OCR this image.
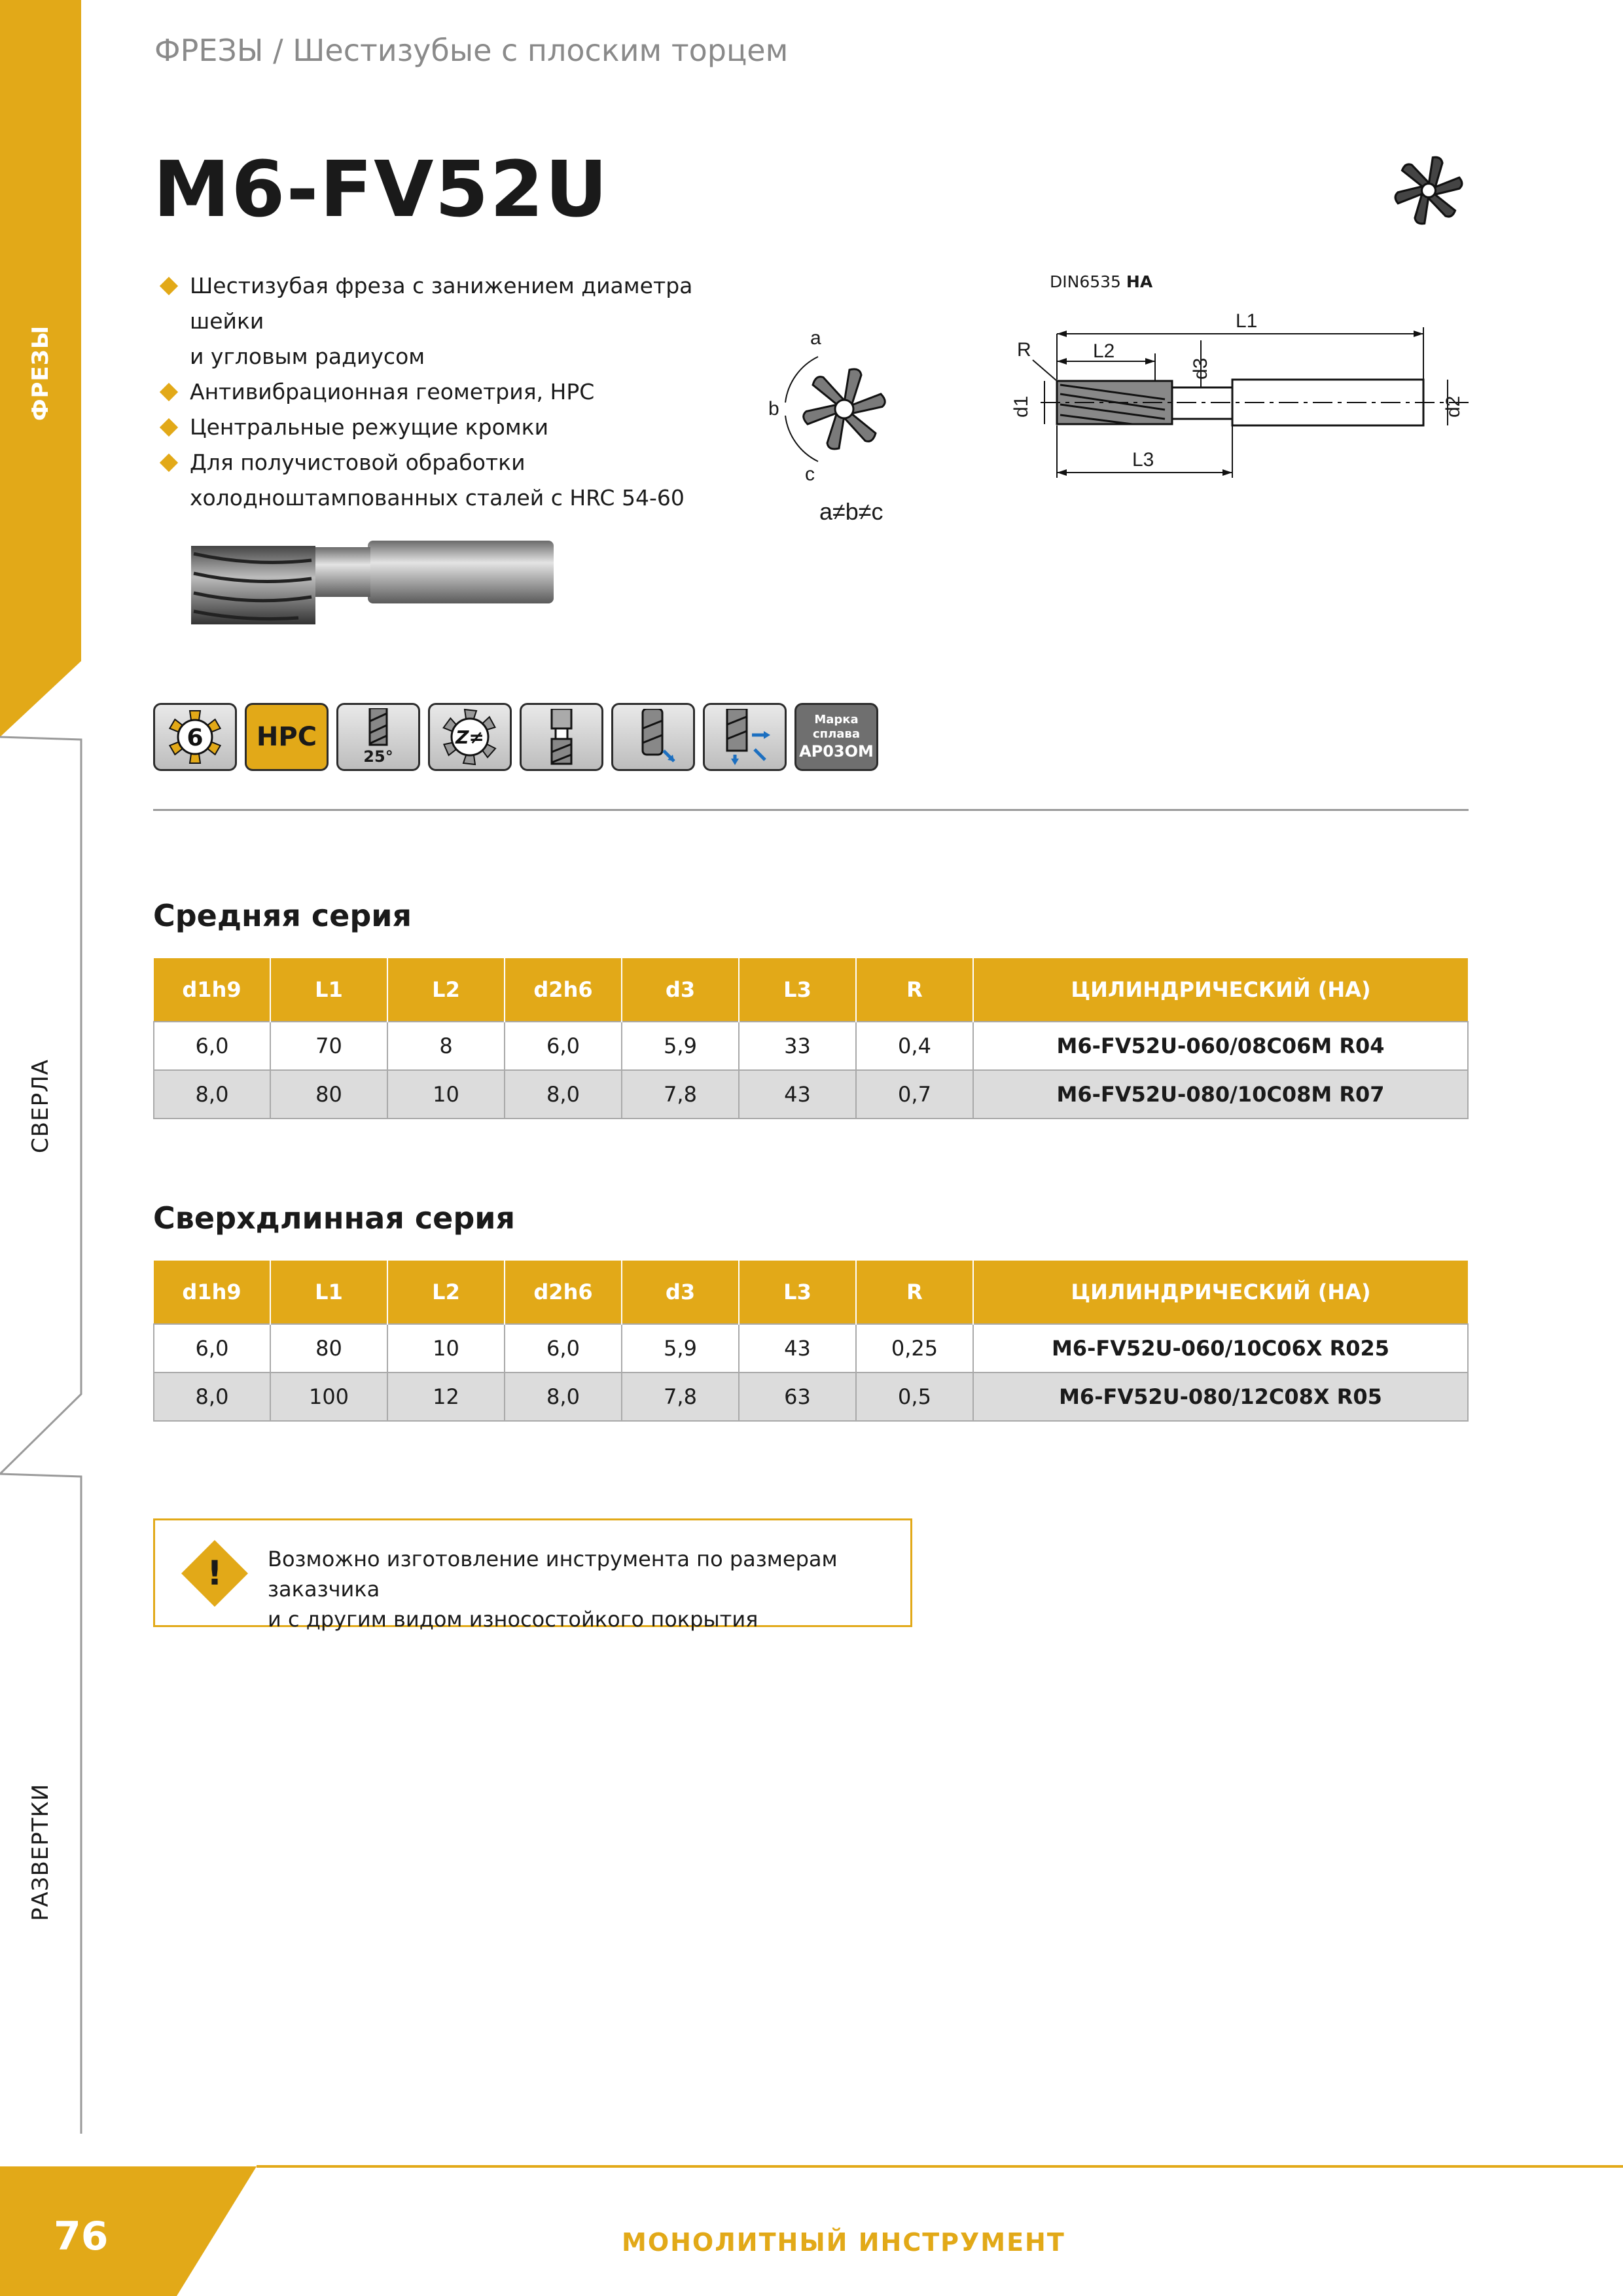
ФРЕЗЫ
СВЕРЛА
РАЗВЕРТКИ
ФРЕЗЫ / Шестизубые с плоским торцем
M6-FV52U
Шестизубая фреза с занижением диаметра шейки
и угловым радиусом
Антивибрационная геометрия, HPC
Центральные режущие кромки
Для получистовой обработки
холодноштампованных сталей с HRC 54-60
a
b
c
a≠b≠c
DIN6535 HA
L1
L2
R
d3
d1	d2
L3
6 HPC
25°
Z≠
Марка
сплава
AP03OM
Средняя серия
d1h9	L1	L2	d2h6	d3	L3	R	ЦИЛИНДРИЧЕСКИЙ (HA)
6,0	70	8	6,0	5,9	33	0,4	M6-FV52U-060/08C06M R04
8,0	80	10	8,0	7,8	43	0,7	M6-FV52U-080/10C08M R07
Сверхдлинная серия
d1h9	L1	L2	d2h6	d3	L3	R	ЦИЛИНДРИЧЕСКИЙ (HA)
6,0	80	10	6,0	5,9	43	0,25	M6-FV52U-060/10C06X R025
8,0	100	12	8,0	7,8	63	0,5	M6-FV52U-080/12C08X R05
! Возможно изготовление инструмента по размерам заказчика
и с другим видом износостойкого покрытия
76	МОНОЛИТНЫЙ ИНСТРУМЕНТ
